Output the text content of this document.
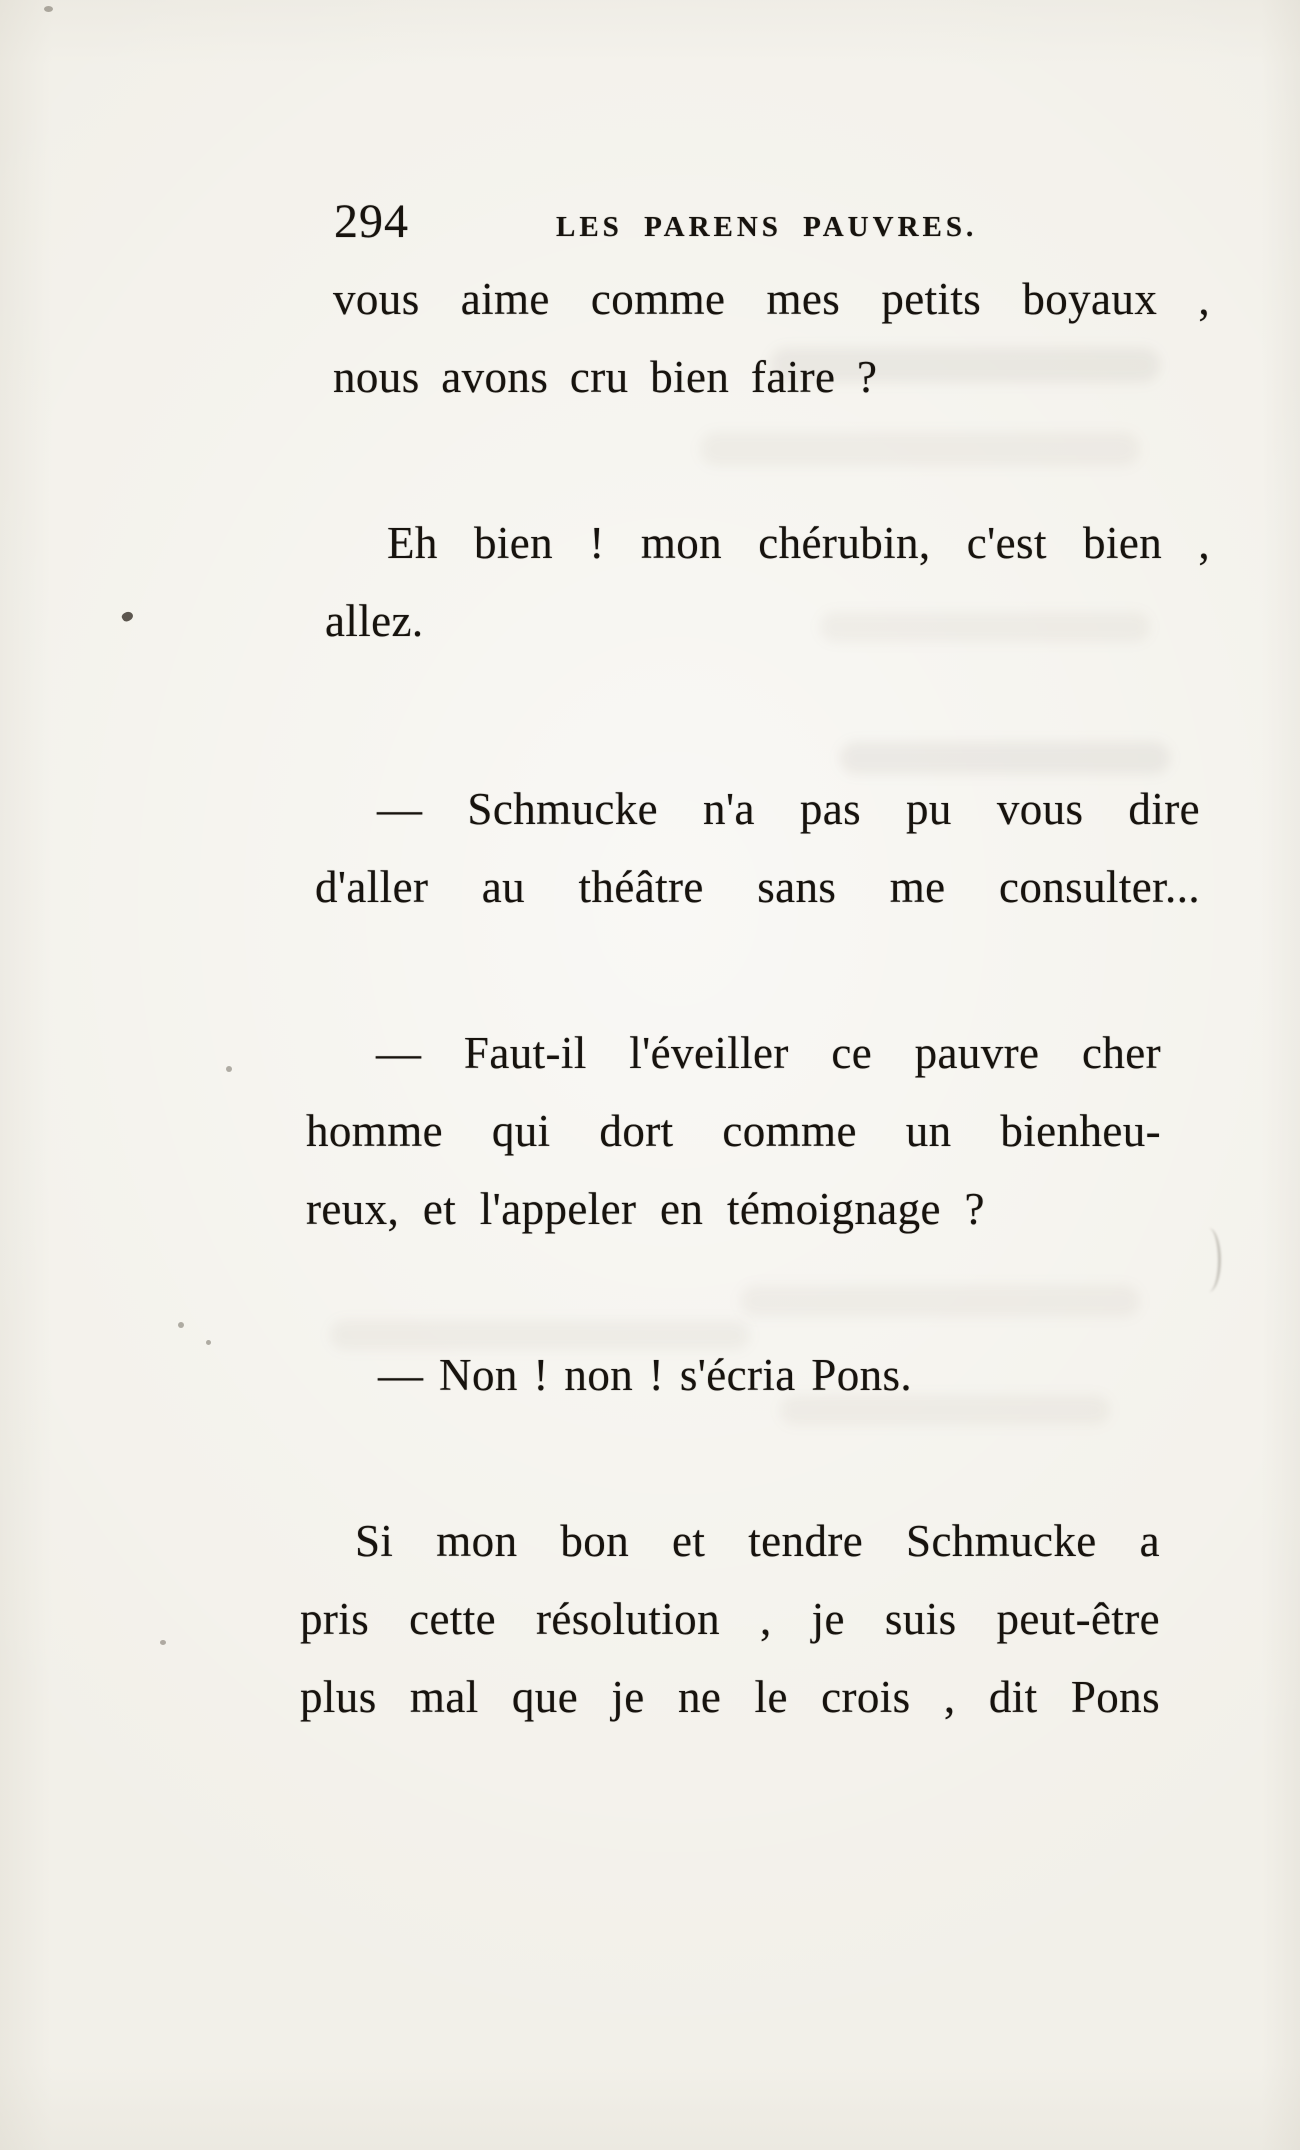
294	LES PARENS PAUVRES.
vous aime comme mes petits boyaux ,
nous avons cru bien faire ?
Eh bien ! mon chérubin, c'est bien ,
allez.
— Schmucke n'a pas pu vous dire
d'aller au théâtre sans me consulter...
— Faut-il l'éveiller ce pauvre cher
homme qui dort comme un bienheu-
reux, et l'appeler en témoignage ?
— Non ! non ! s'écria Pons.
Si mon bon et tendre Schmucke a
pris cette résolution , je suis peut-être
plus mal que je ne le crois , dit Pons
